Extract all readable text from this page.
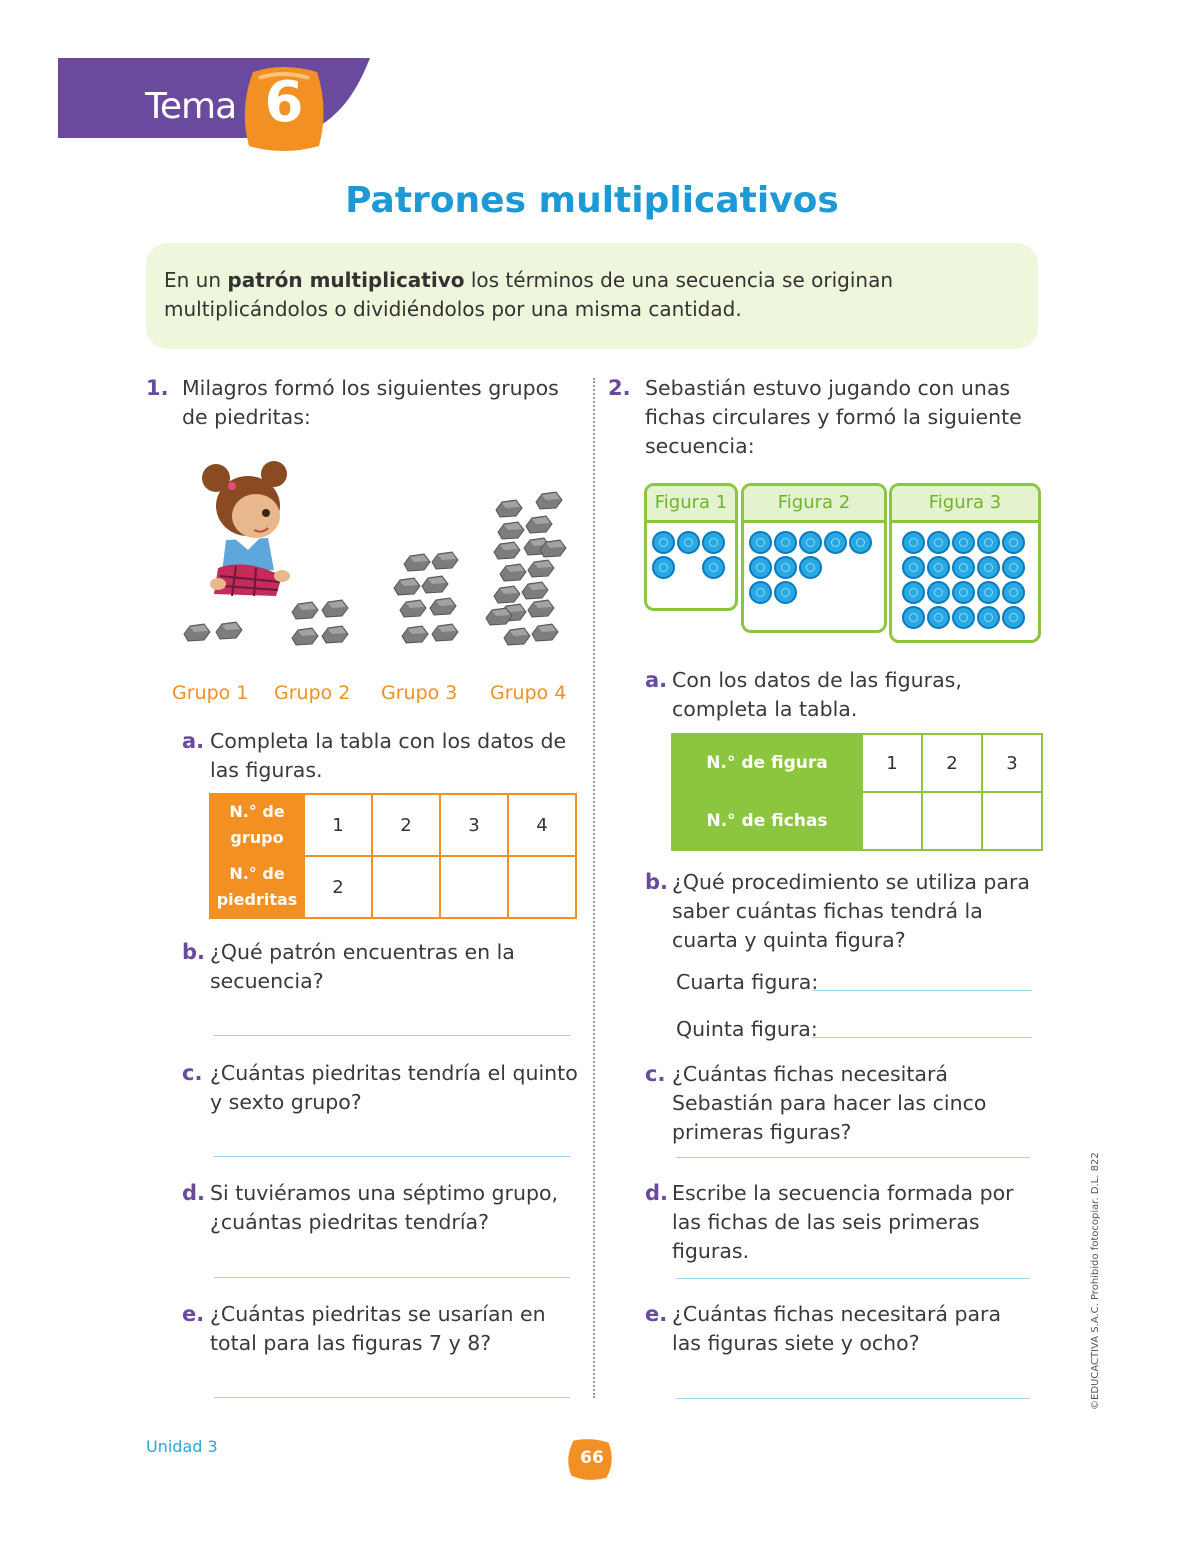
Tema 6
Patrones multiplicativos
En un patrón multiplicativo los términos de una secuencia se originan multiplicándolos o dividiéndolos por una misma cantidad.
1. Milagros formó los siguientes grupos de piedritas:
Grupo 1 Grupo 2 Grupo 3 Grupo 4
a. Completa la tabla con los datos de las figuras.
N.° de grupo	1	2	3	4
N.° de piedritas	2			
b. ¿Qué patrón encuentras en la secuencia?
c. ¿Cuántas piedritas tendría el quinto y sexto grupo?
d. Si tuviéramos una séptimo grupo, ¿cuántas piedritas tendría?
e. ¿Cuántas piedritas se usarían en total para las figuras 7 y 8?
2. Sebastián estuvo jugando con unas fichas circulares y formó la siguiente secuencia:
Figura 1	Figura 2	Figura 3
a. Con los datos de las figuras, completa la tabla.
N.° de figura	1	2	3
N.° de fichas			
b. ¿Qué procedimiento se utiliza para saber cuántas fichas tendrá la cuarta y quinta figura?
Cuarta figura:
Quinta figura:
c. ¿Cuántas fichas necesitará Sebastián para hacer las cinco primeras figuras?
d. Escribe la secuencia formada por las fichas de las seis primeras figuras.
e. ¿Cuántas fichas necesitará para las figuras siete y ocho?
Unidad 3
66
©EDUCACTIVA S.A.C. Prohibido fotocopiar. D.L. 822
